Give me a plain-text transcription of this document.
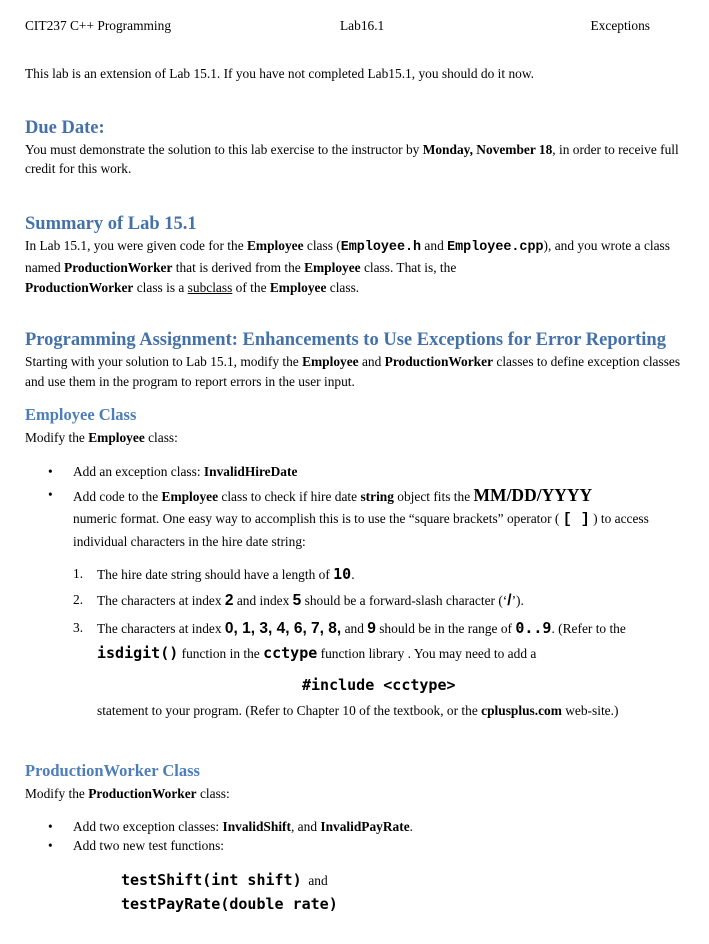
CIT237 C++ Programming	Lab16.1	Exceptions
This lab is an extension of Lab 15.1. If you have not completed Lab15.1, you should do it now.
Due Date:
You must demonstrate the solution to this lab exercise to the instructor by Monday, November 18, in order to receive full credit for this work.
Summary of Lab 15.1
In Lab 15.1, you were given code for the Employee class (Employee.h and Employee.cpp), and you wrote a class named ProductionWorker that is derived from the Employee class. That is, the
ProductionWorker class is a subclass of the Employee class.
Programming Assignment: Enhancements to Use Exceptions for Error Reporting
Starting with your solution to Lab 15.1, modify the Employee and ProductionWorker classes to define exception classes and use them in the program to report errors in the user input.
Employee Class
Modify the Employee class:
• Add an exception class: InvalidHireDate
• Add code to the Employee class to check if hire date string object fits the MM/DD/YYYY
numeric format. One easy way to accomplish this is to use the “square brackets” operator ( [ ] ) to access individual characters in the hire date string:
1. The hire date string should have a length of 10.
2. The characters at index 2 and index 5 should be a forward-slash character (‘/’).
3. The characters at index 0, 1, 3, 4, 6, 7, 8, and 9 should be in the range of 0..9. (Refer to the
isdigit() function in the cctype function library . You may need to add a
#include <cctype>
statement to your program. (Refer to Chapter 10 of the textbook, or the cplusplus.com web-site.)
ProductionWorker Class
Modify the ProductionWorker class:
• Add two exception classes: InvalidShift, and InvalidPayRate.
• Add two new test functions:
testShift(int shift) and
testPayRate(double rate)
